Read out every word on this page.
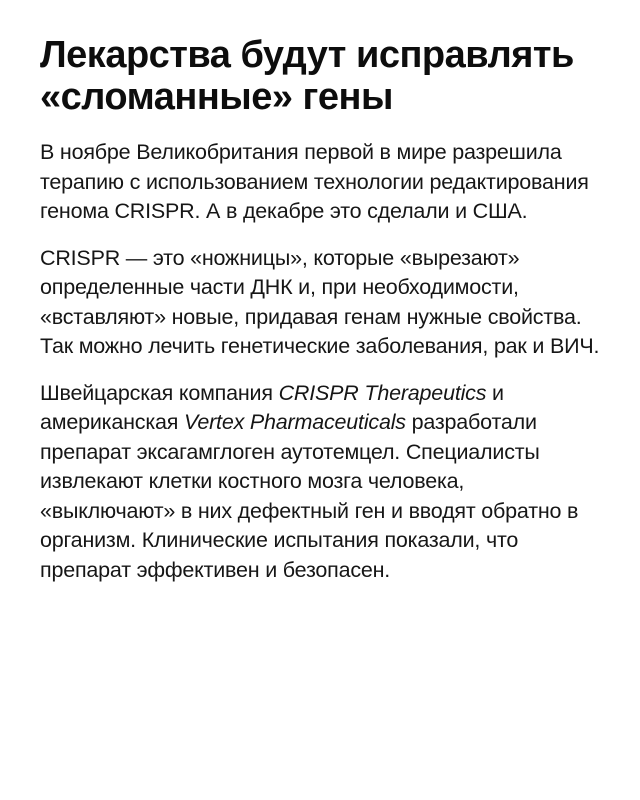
Лекарства будут исправлять «сломанные» гены

В ноябре Великобритания первой в мире разрешила терапию с использованием технологии редактирования генома CRISPR. А в декабре это сделали и США.

CRISPR — это «ножницы», которые «вырезают» определенные части ДНК и, при необходимости, «вставляют» новые, придавая генам нужные свойства. Так можно лечить генетические заболевания, рак и ВИЧ.

Швейцарская компания CRISPR Therapeutics и американская Vertex Pharmaceuticals разработали препарат эксагамглоген аутотемцел. Специалисты извлекают клетки костного мозга человека, «выключают» в них дефектный ген и вводят обратно в организм. Клинические испытания показали, что препарат эффективен и безопасен.
